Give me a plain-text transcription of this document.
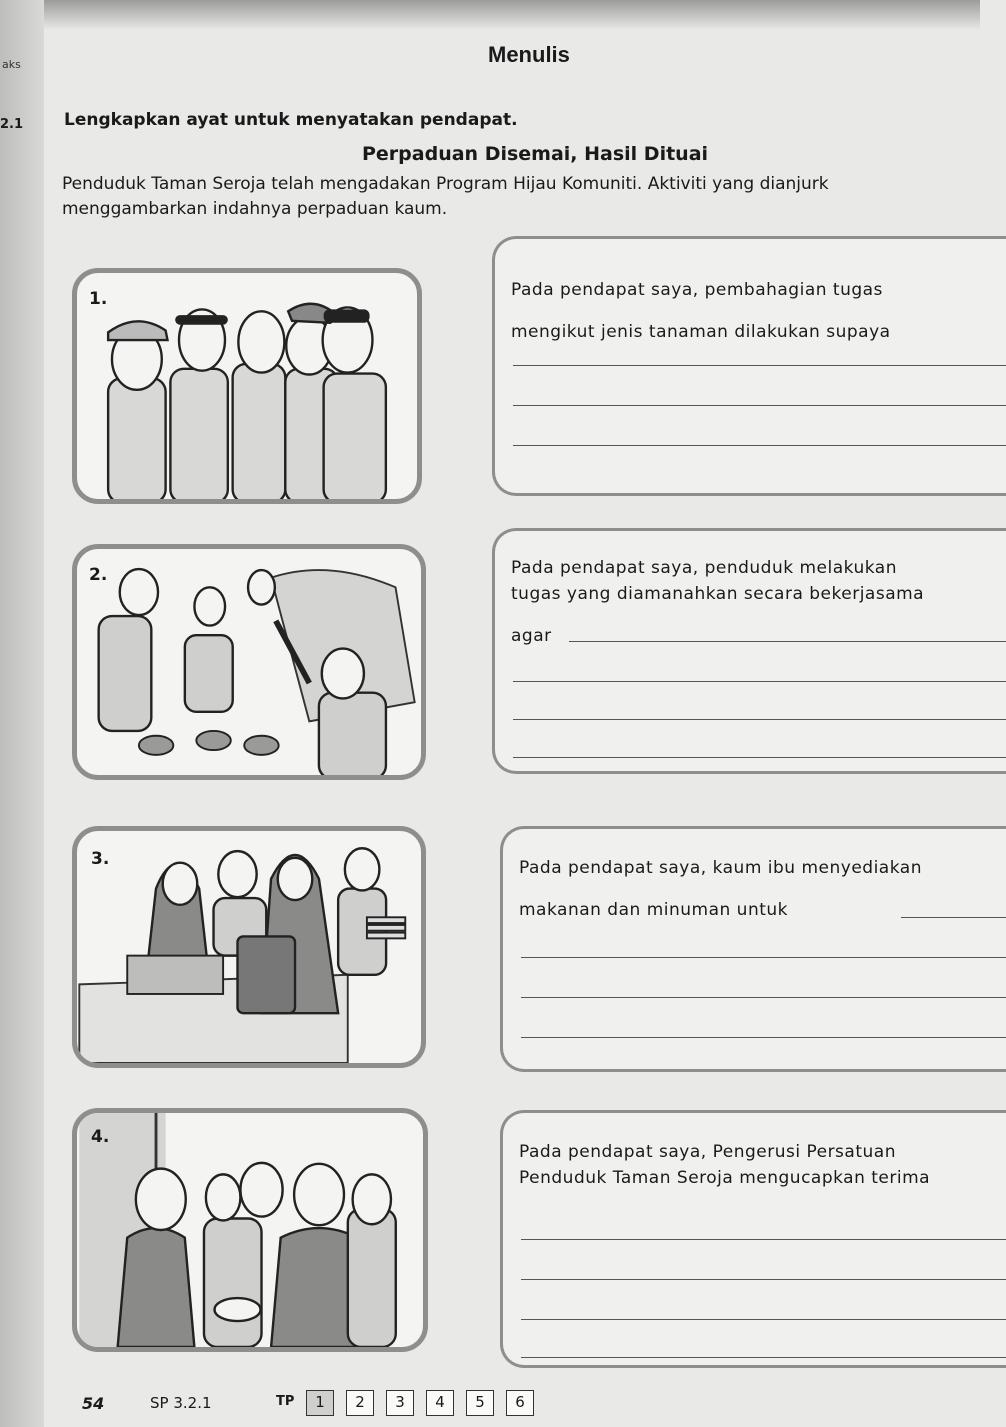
aks
2.1
Menulis
Lengkapkan ayat untuk menyatakan pendapat.
Perpaduan Disemai, Hasil Dituai
Penduduk Taman Seroja telah mengadakan Program Hijau Komuniti. Aktiviti yang dianjurk
menggambarkan indahnya perpaduan kaum.
1.	Pada pendapat saya, pembahagian tugas
mengikut jenis tanaman dilakukan supaya
2.	Pada pendapat saya, penduduk melakukan
tugas yang diamanahkan secara bekerjasama
agar
3.	Pada pendapat saya, kaum ibu menyediakan
makanan dan minuman untuk
4.
Pada pendapat saya, Pengerusi Persatuan
Penduduk Taman Seroja mengucapkan terima
54	SP 3.2.1	TP	1	2	3	4	5	6
